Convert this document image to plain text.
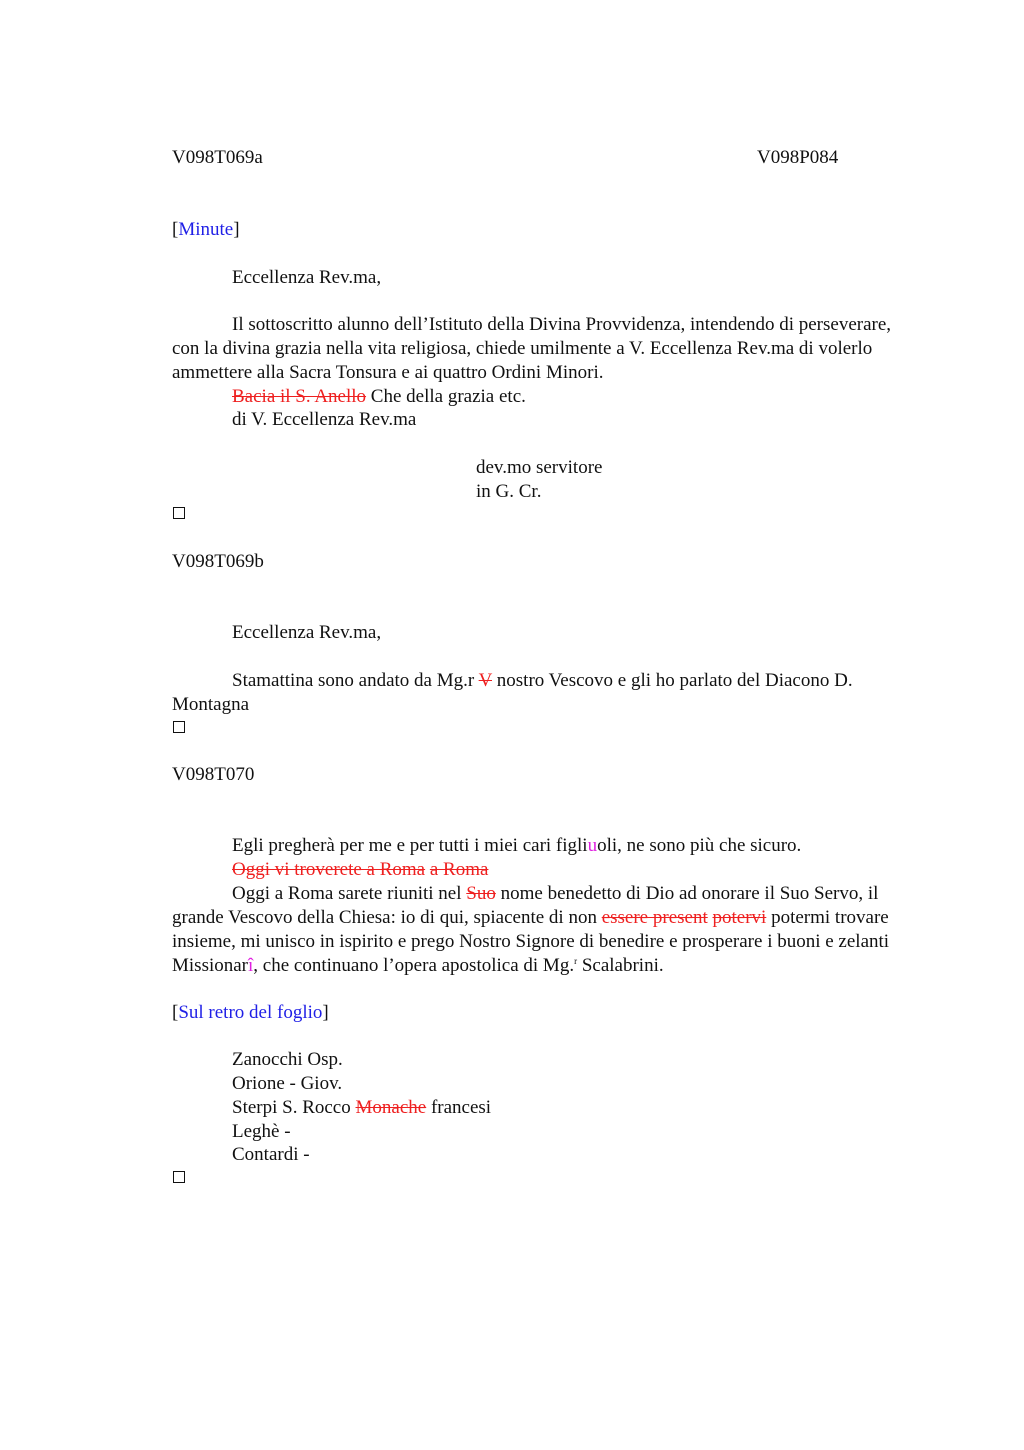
V098T069a	V098P084
[Minute]
Eccellenza Rev.ma,
Il sottoscritto alunno dell’Istituto della Divina Provvidenza, intendendo di perseverare, con la divina grazia nella vita religiosa, chiede umilmente a V. Eccellenza Rev.ma di volerlo ammettere alla Sacra Tonsura e ai quattro Ordini Minori.
Bacia il S. Anello Che della grazia etc.
di V. Eccellenza Rev.ma
dev.mo servitore
in G. Cr.
V098T069b
Eccellenza Rev.ma,
Stamattina sono andato da Mg.r V nostro Vescovo e gli ho parlato del Diacono D. Montagna
V098T070
Egli pregherà per me e per tutti i miei cari figliuoli, ne sono più che sicuro.
Oggi vi troverete a Roma a Roma
Oggi a Roma sarete riuniti nel Suo nome benedetto di Dio ad onorare il Suo Servo, il grande Vescovo della Chiesa: io di qui, spiacente di non essere present potervi potermi trovare insieme, mi unisco in ispirito e prego Nostro Signore di benedire e prosperare i buoni e zelanti Missionarî, che continuano l’opera apostolica di Mg.$^r$ Scalabrini.
[Sul retro del foglio]
Zanocchi Osp.
Orione - Giov.
Sterpi S. Rocco Monache francesi
Leghè -
Contardi -
